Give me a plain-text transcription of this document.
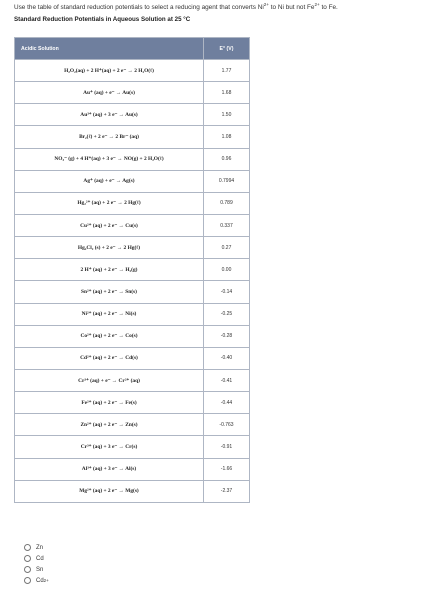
Use the table of standard reduction potentials to select a reducing agent that converts $Ni^{2+}$ to Ni but not $Fe^{2+}$ to Fe.
Standard Reduction Potentials in Aqueous Solution at 25 °C
Acidic Solution	E° (V)
H₂O₂(aq) + 2 H⁺(aq) + 2 e⁻ → 2 H₂O(ℓ)	1.77
Au⁺ (aq) + e⁻ → Au(s)	1.68
Au³⁺ (aq) + 3 e⁻ → Au(s)	1.50
Br₂(ℓ) + 2 e⁻ → 2 Br⁻ (aq)	1.08
NO₃⁻ (g) + 4 H⁺(aq) + 3 e⁻ → NO(g) + 2 H₂O(ℓ)	0.96
Ag⁺ (aq) + e⁻ → Ag(s)	0.7994
Hg₂²⁺ (aq) + 2 e⁻ → 2 Hg(ℓ)	0.789
Cu²⁺ (aq) + 2 e⁻ → Cu(s)	0.337
Hg₂Cl₂ (s) + 2 e⁻ → 2 Hg(ℓ)	0.27
2 H⁺ (aq) + 2 e⁻ → H₂(g)	0.00
Sn²⁺ (aq) + 2 e⁻ → Sn(s)	-0.14
Ni²⁺ (aq) + 2 e⁻ → Ni(s)	-0.25
Co²⁺ (aq) + 2 e⁻ → Co(s)	-0.28
Cd²⁺ (aq) + 2 e⁻ → Cd(s)	-0.40
Cr³⁺ (aq) + e⁻ → Cr²⁺ (aq)	-0.41
Fe²⁺ (aq) + 2 e⁻ → Fe(s)	-0.44
Zn²⁺ (aq) + 2 e⁻ → Zn(s)	-0.763
Cr³⁺ (aq) + 3 e⁻ → Cr(s)	-0.91
Al³⁺ (aq) + 3 e⁻ → Al(s)	-1.66
Mg²⁺ (aq) + 2 e⁻ → Mg(s)	-2.37
Zn
Cd
Sn
Cd 2+
